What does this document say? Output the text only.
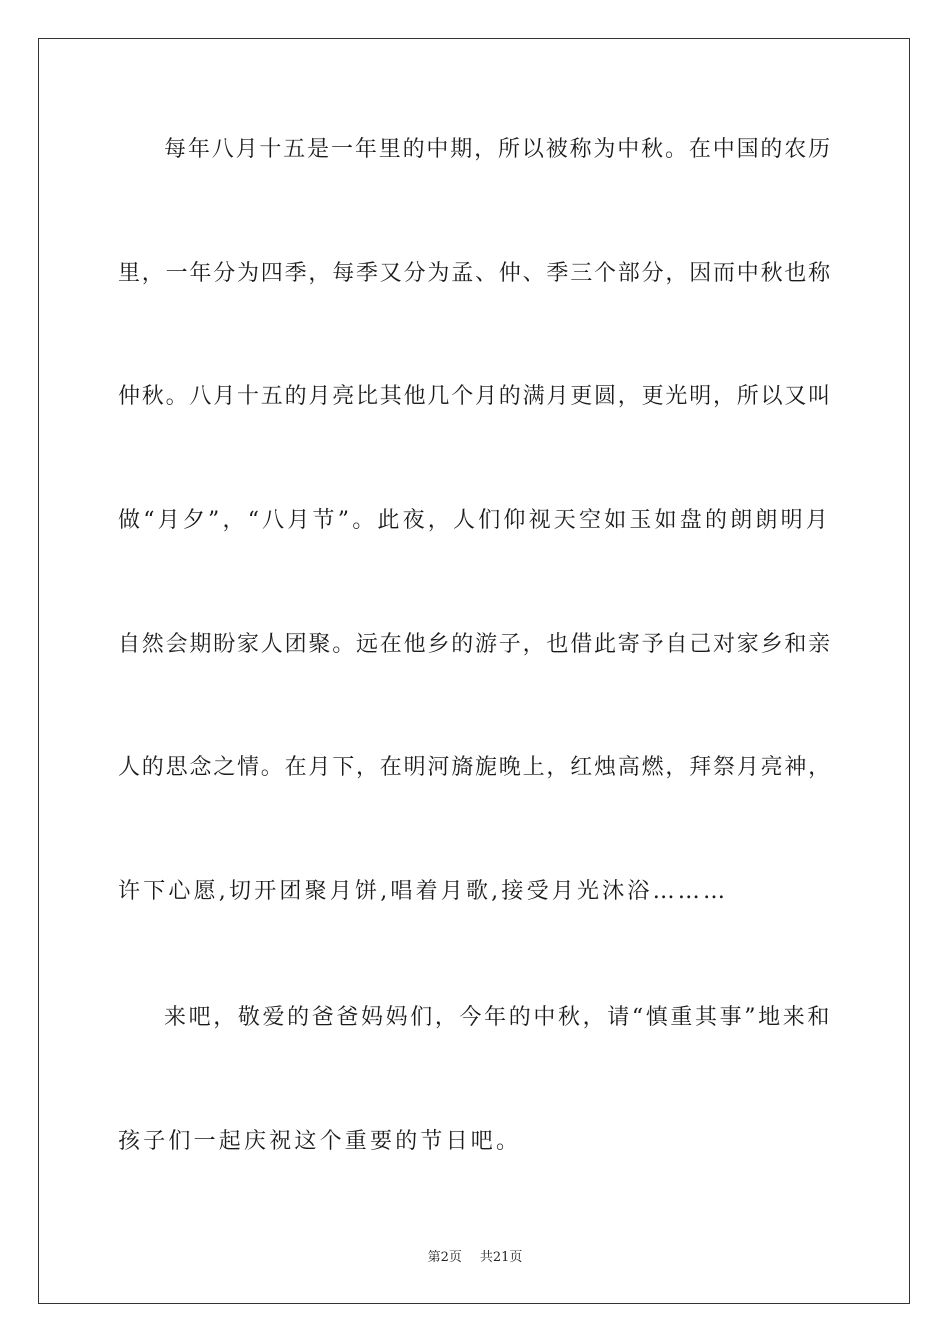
每年八月十五是一年里的中期，所以被称为中秋。在中国的农历
里，一年分为四季，每季又分为孟、仲、季三个部分，因而中秋也称
仲秋。八月十五的月亮比其他几个月的满月更圆，更光明，所以又叫
做“月夕”，“八月节”。此夜，人们仰视天空如玉如盘的朗朗明月
自然会期盼家人团聚。远在他乡的游子，也借此寄予自己对家乡和亲
人的思念之情。在月下，在明河旖旎晚上，红烛高燃，拜祭月亮神，
许下心愿,切开团聚月饼,唱着月歌,接受月光沐浴………
来吧，敬爱的爸爸妈妈们，今年的中秋，请“慎重其事”地来和
孩子们一起庆祝这个重要的节日吧。
第2页 共21页
